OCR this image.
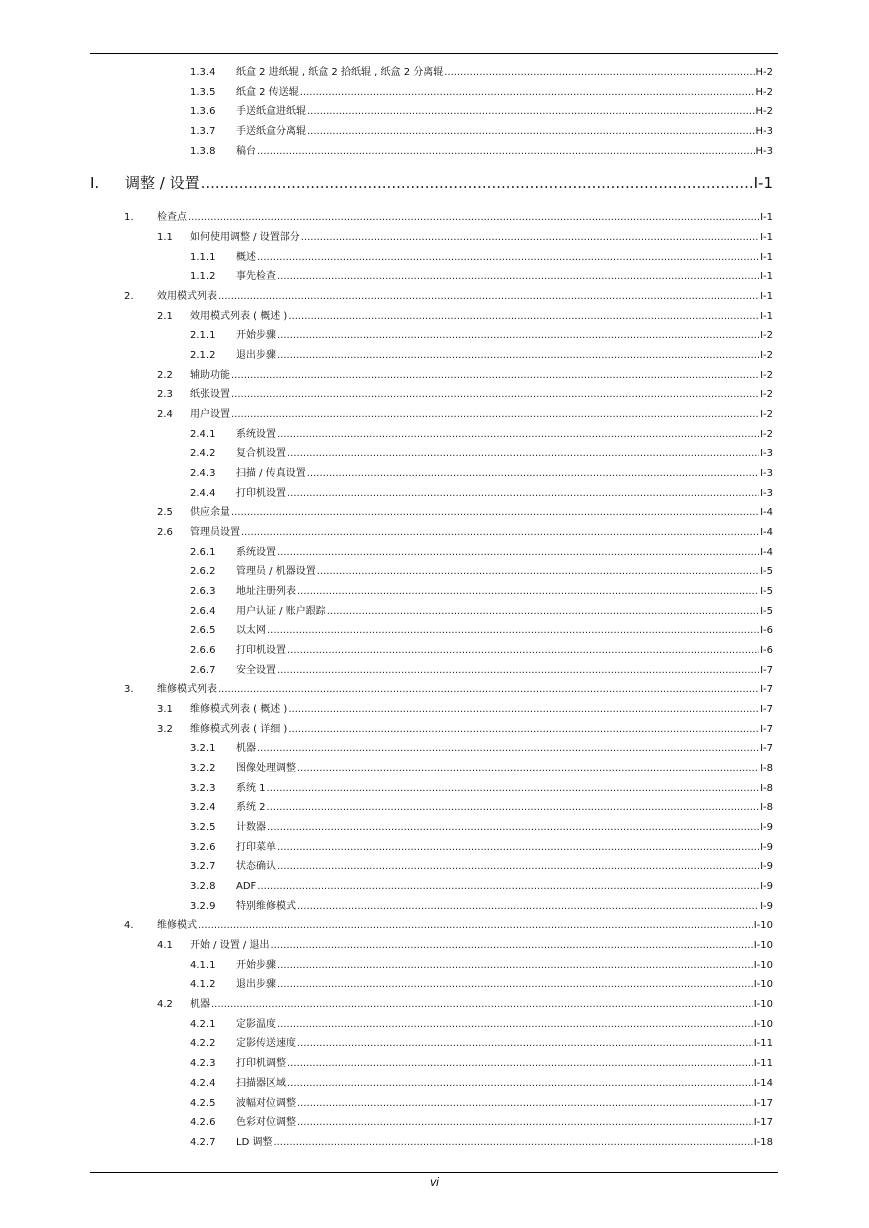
1.3.4 纸盒 2 进纸辊 , 纸盒 2 拾纸辊 , 纸盒 2 分离辊 .....	H-2
1.3.5 纸盒 2 传送辊 .....	H-2
1.3.6 手送纸盒进纸辊 .....	H-2
1.3.7 手送纸盒分离辊 .....	H-3
1.3.8 稿台 .....	H-3
I. 调整 / 设置 .....	I-1
1. 检查点 .....	I-1
1.1 如何使用调整 / 设置部分 .....	I-1
1.1.1 概述 .....	I-1
1.1.2 事先检查 .....	I-1
2. 效用模式列表 .....	I-1
2.1 效用模式列表 ( 概述 ) .....	I-1
2.1.1 开始步骤 .....	I-2
2.1.2 退出步骤 .....	I-2
2.2 辅助功能 .....	I-2
2.3 纸张设置 .....	I-2
2.4 用户设置 .....	I-2
2.4.1 系统设置 .....	I-2
2.4.2 复合机设置 .....	I-3
2.4.3 扫描 / 传真设置 .....	I-3
2.4.4 打印机设置 .....	I-3
2.5 供应余量 .....	I-4
2.6 管理员设置 .....	I-4
2.6.1 系统设置 .....	I-4
2.6.2 管理员 / 机器设置 .....	I-5
2.6.3 地址注册列表 .....	I-5
2.6.4 用户认证 / 账户跟踪 .....	I-5
2.6.5 以太网 .....	I-6
2.6.6 打印机设置 .....	I-6
2.6.7 安全设置 .....	I-7
3. 维修模式列表 .....	I-7
3.1 维修模式列表 ( 概述 ) .....	I-7
3.2 维修模式列表 ( 详细 ) .....	I-7
3.2.1 机器 .....	I-7
3.2.2 图像处理调整 .....	I-8
3.2.3 系统 1 .....	I-8
3.2.4 系统 2 .....	I-8
3.2.5 计数器 .....	I-9
3.2.6 打印菜单 .....	I-9
3.2.7 状态确认 .....	I-9
3.2.8 ADF .....	I-9
3.2.9 特别维修模式 .....	I-9
4. 维修模式 .....	I-10
4.1 开始 / 设置 / 退出 .....	I-10
4.1.1 开始步骤 .....	I-10
4.1.2 退出步骤 .....	I-10
4.2 机器 .....	I-10
4.2.1 定影温度 .....	I-10
4.2.2 定影传送速度 .....	I-11
4.2.3 打印机调整 .....	I-11
4.2.4 扫描器区域 .....	I-14
4.2.5 波幅对位调整 .....	I-17
4.2.6 色彩对位调整 .....	I-17
4.2.7 LD 调整 .....	I-18
vi
